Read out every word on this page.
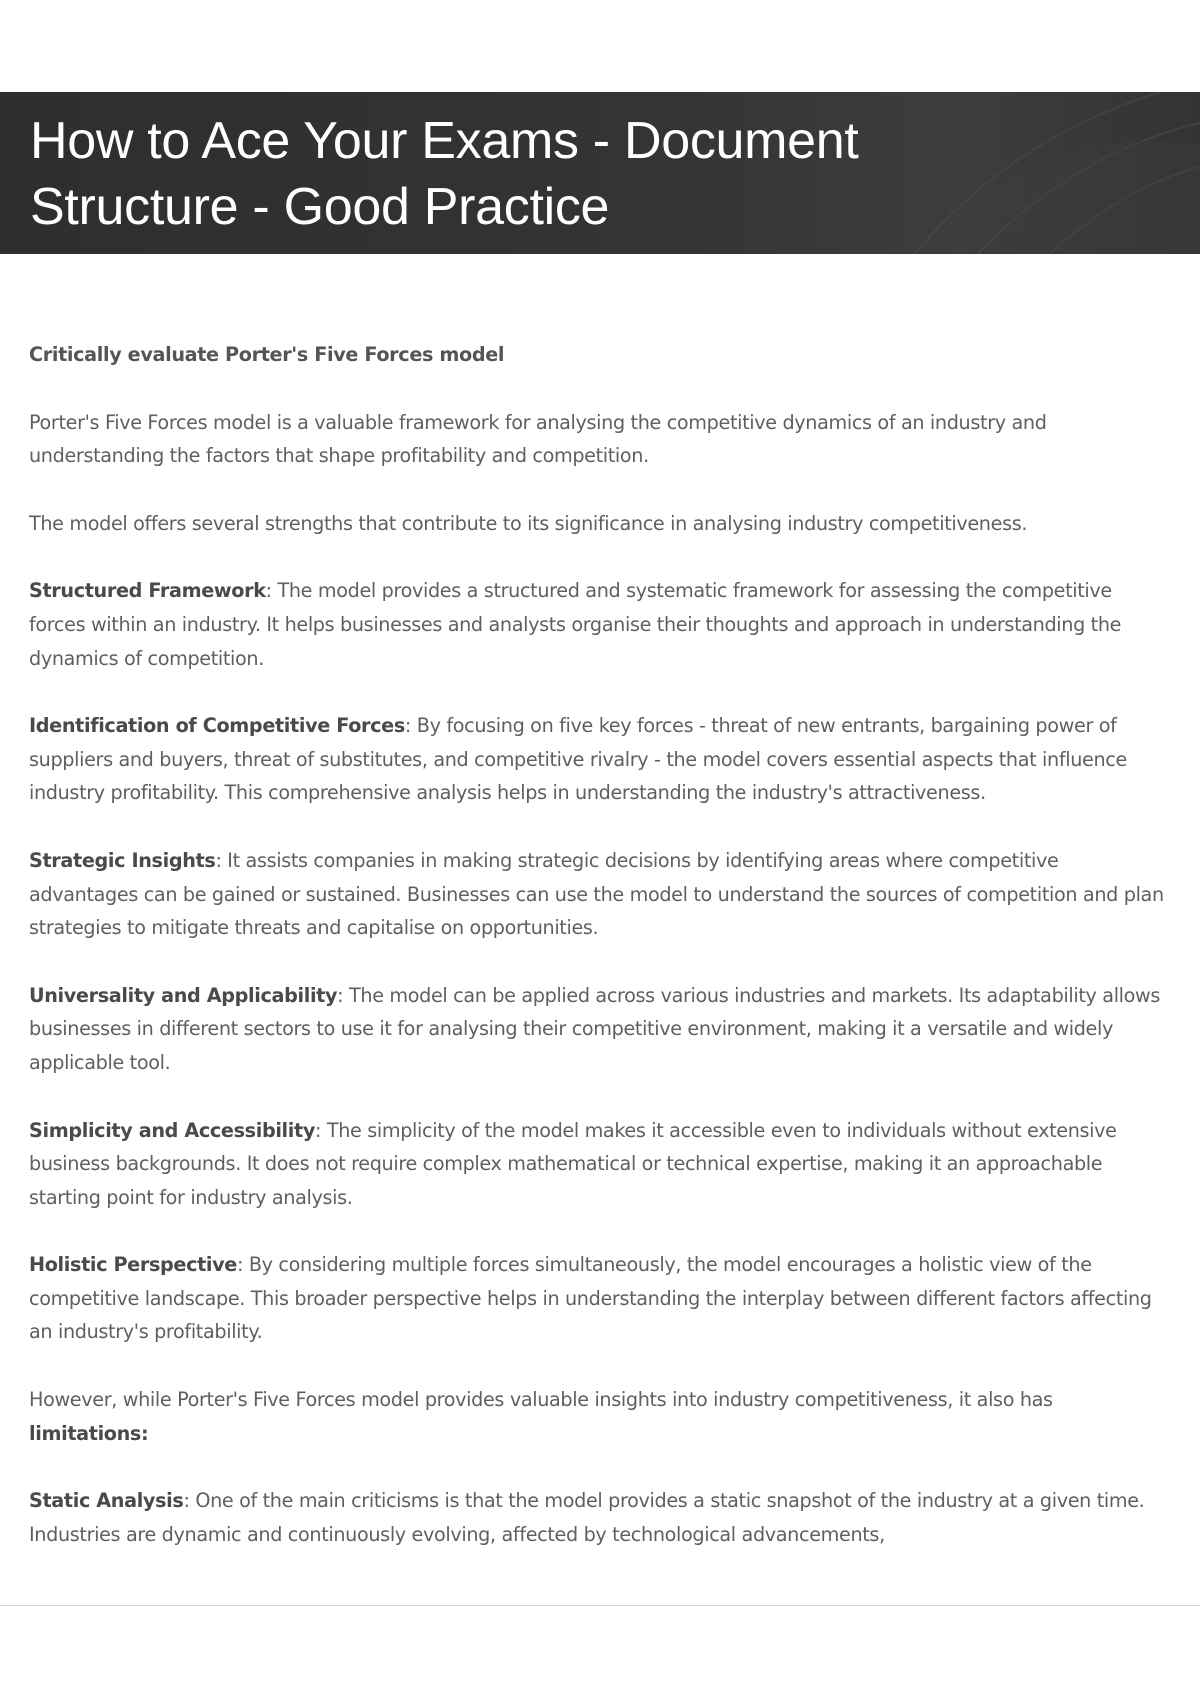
How to Ace Your Exams - Document Structure - Good Practice

Critically evaluate Porter's Five Forces model

Porter's Five Forces model is a valuable framework for analysing the competitive dynamics of an industry and understanding the factors that shape profitability and competition.

The model offers several strengths that contribute to its significance in analysing industry competitiveness.

Structured Framework: The model provides a structured and systematic framework for assessing the competitive forces within an industry. It helps businesses and analysts organise their thoughts and approach in understanding the dynamics of competition.

Identification of Competitive Forces: By focusing on five key forces - threat of new entrants, bargaining power of suppliers and buyers, threat of substitutes, and competitive rivalry - the model covers essential aspects that influence industry profitability. This comprehensive analysis helps in understanding the industry's attractiveness.

Strategic Insights: It assists companies in making strategic decisions by identifying areas where competitive advantages can be gained or sustained. Businesses can use the model to understand the sources of competition and plan strategies to mitigate threats and capitalise on opportunities.

Universality and Applicability: The model can be applied across various industries and markets. Its adaptability allows businesses in different sectors to use it for analysing their competitive environment, making it a versatile and widely applicable tool.

Simplicity and Accessibility: The simplicity of the model makes it accessible even to individuals without extensive business backgrounds. It does not require complex mathematical or technical expertise, making it an approachable starting point for industry analysis.

Holistic Perspective: By considering multiple forces simultaneously, the model encourages a holistic view of the competitive landscape. This broader perspective helps in understanding the interplay between different factors affecting an industry's profitability.

However, while Porter's Five Forces model provides valuable insights into industry competitiveness, it also has limitations:

Static Analysis: One of the main criticisms is that the model provides a static snapshot of the industry at a given time. Industries are dynamic and continuously evolving, affected by technological advancements,
